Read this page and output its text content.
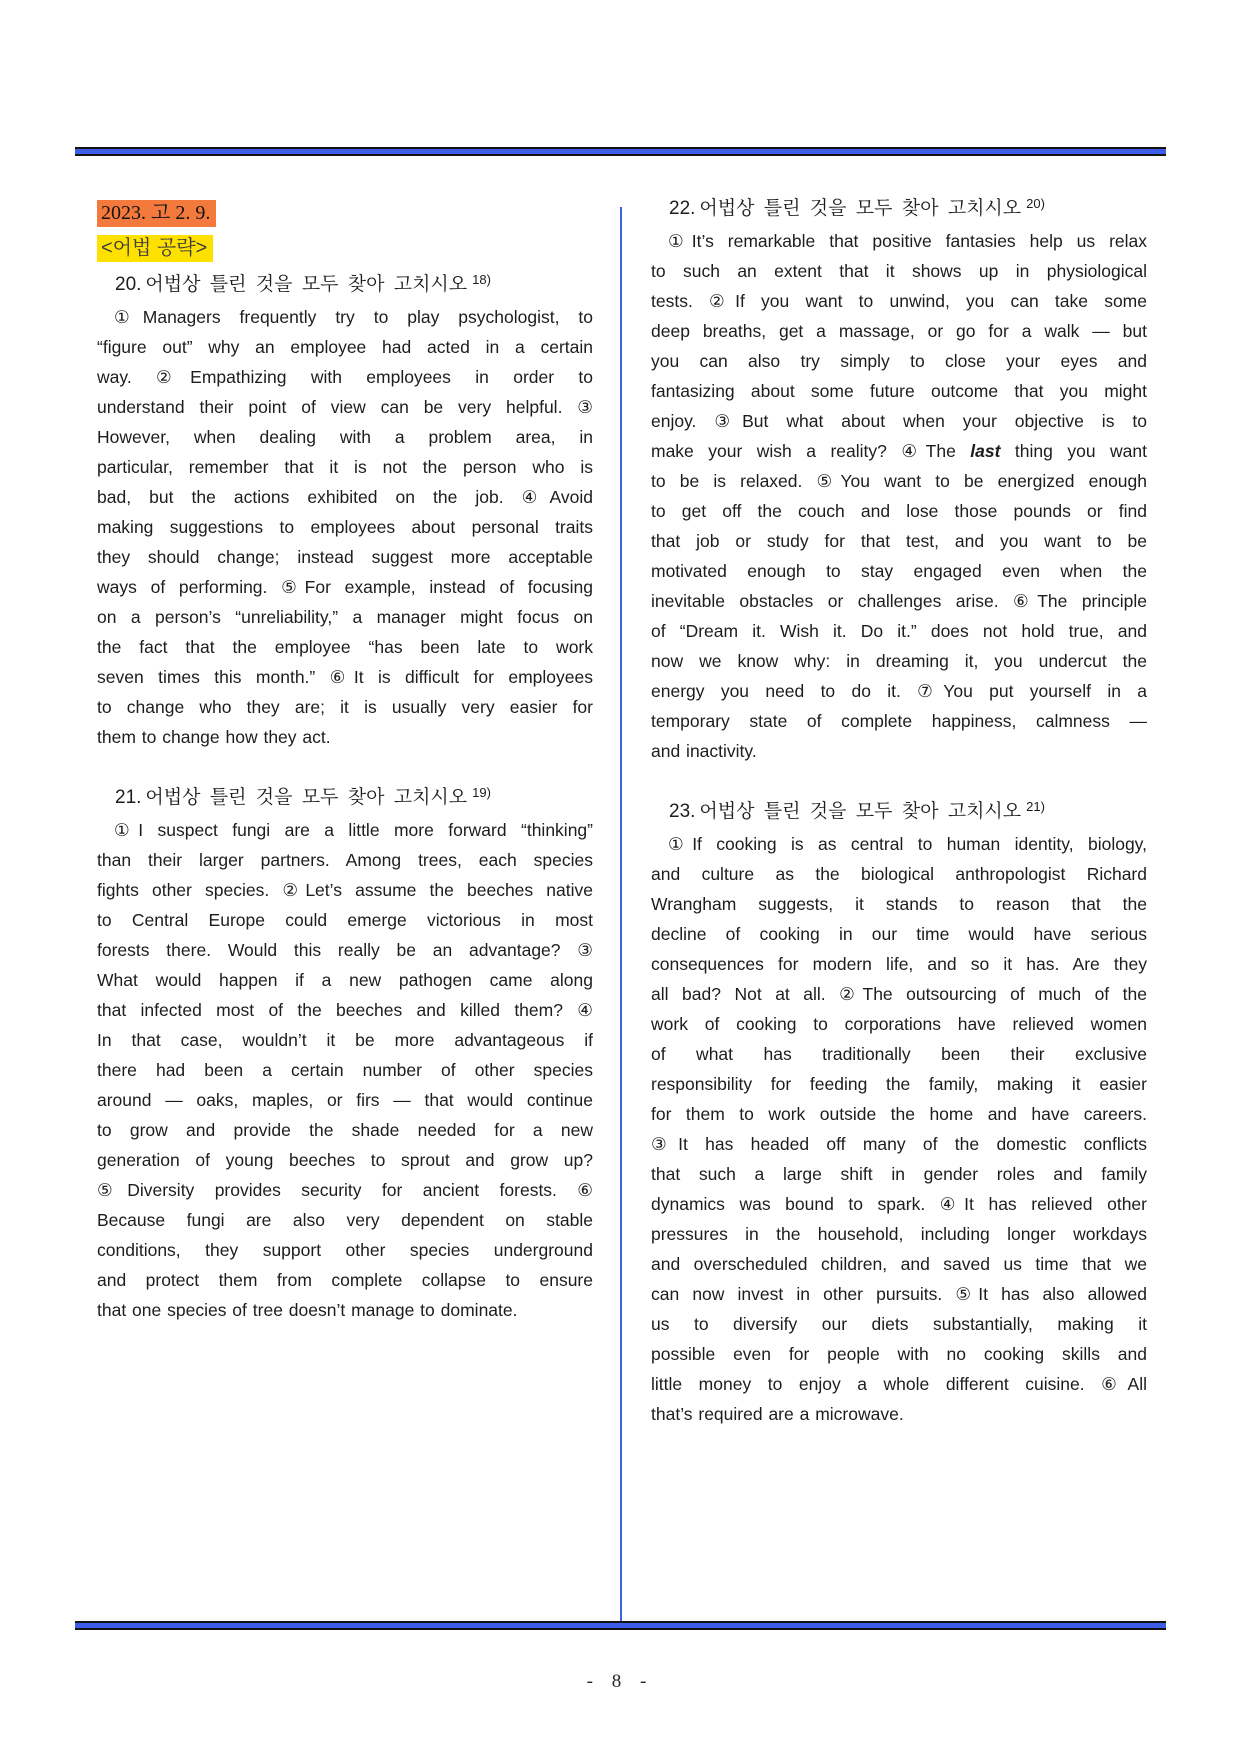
2023. 고 2. 9.
<어법 공략>
20. 어법상 틀린 것을 모두 찾아 고치시오 $^{18)}$
①Managers frequently try to play psychologist, to
“figure out” why an employee had acted in a certain
way. ②Empathizing with employees in order to
understand their point of view can be very helpful. ③
However, when dealing with a problem area, in
particular, remember that it is not the person who is
bad, but the actions exhibited on the job. ④Avoid
making suggestions to employees about personal traits
they should change; instead suggest more acceptable
ways of performing. ⑤For example, instead of focusing
on a person’s “unreliability,” a manager might focus on
the fact that the employee “has been late to work
seven times this month.” ⑥It is difficult for employees
to change who they are; it is usually very easier for
them to change how they act.
21. 어법상 틀린 것을 모두 찾아 고치시오 $^{19)}$
①I suspect fungi are a little more forward “thinking”
than their larger partners. Among trees, each species
fights other species. ②Let’s assume the beeches native
to Central Europe could emerge victorious in most
forests there. Would this really be an advantage? ③
What would happen if a new pathogen came along
that infected most of the beeches and killed them? ④
In that case, wouldn’t it be more advantageous if
there had been a certain number of other species
around — oaks, maples, or firs — that would continue
to grow and provide the shade needed for a new
generation of young beeches to sprout and grow up?
⑤Diversity provides security for ancient forests. ⑥
Because fungi are also very dependent on stable
conditions, they support other species underground
and protect them from complete collapse to ensure
that one species of tree doesn’t manage to dominate.
22. 어법상 틀린 것을 모두 찾아 고치시오 $^{20)}$
①It’s remarkable that positive fantasies help us relax
to such an extent that it shows up in physiological
tests. ②If you want to unwind, you can take some
deep breaths, get a massage, or go for a walk — but
you can also try simply to close your eyes and
fantasizing about some future outcome that you might
enjoy. ③But what about when your objective is to
make your wish a reality? ④The last thing you want
to be is relaxed. ⑤You want to be energized enough
to get off the couch and lose those pounds or find
that job or study for that test, and you want to be
motivated enough to stay engaged even when the
inevitable obstacles or challenges arise. ⑥The principle
of “Dream it. Wish it. Do it.” does not hold true, and
now we know why: in dreaming it, you undercut the
energy you need to do it. ⑦You put yourself in a
temporary state of complete happiness, calmness —
and inactivity.
23. 어법상 틀린 것을 모두 찾아 고치시오 $^{21)}$
①If cooking is as central to human identity, biology,
and culture as the biological anthropologist Richard
Wrangham suggests, it stands to reason that the
decline of cooking in our time would have serious
consequences for modern life, and so it has. Are they
all bad? Not at all. ②The outsourcing of much of the
work of cooking to corporations have relieved women
of what has traditionally been their exclusive
responsibility for feeding the family, making it easier
for them to work outside the home and have careers.
③It has headed off many of the domestic conflicts
that such a large shift in gender roles and family
dynamics was bound to spark. ④It has relieved other
pressures in the household, including longer workdays
and overscheduled children, and saved us time that we
can now invest in other pursuits. ⑤It has also allowed
us to diversify our diets substantially, making it
possible even for people with no cooking skills and
little money to enjoy a whole different cuisine. ⑥All
that’s required are a microwave.
- 8 -
